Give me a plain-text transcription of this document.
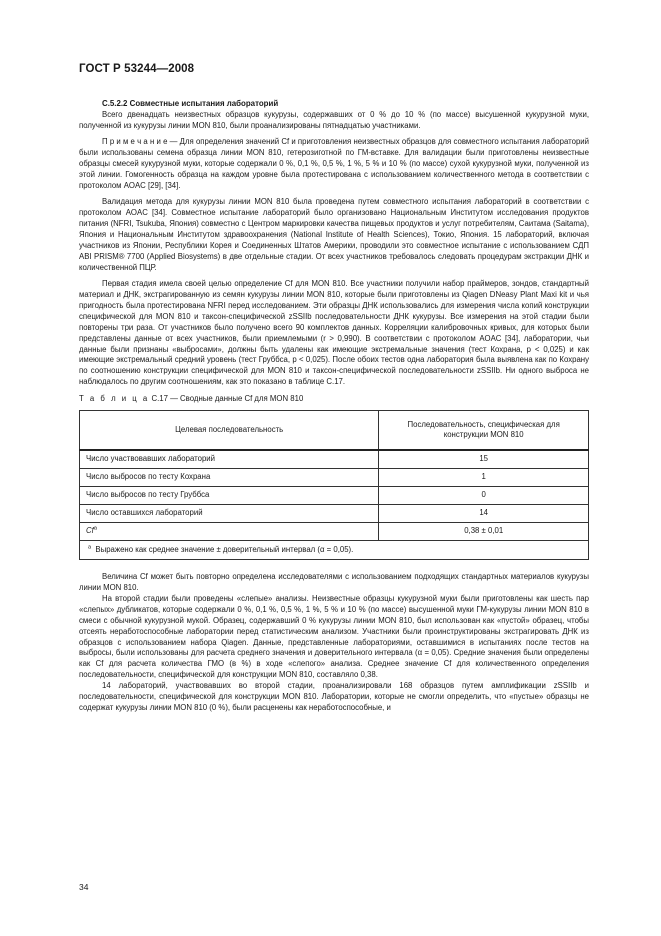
ГОСТ Р 53244—2008
С.5.2.2 Совместные испытания лабораторий

Всего двенадцать неизвестных образцов кукурузы, содержавших от 0 % до 10 % (по массе) высушенной кукурузной муки, полученной из кукурузы линии MON 810, были проанализированы пятнадцатью участниками.

П р и м е ч а н и е — Для определения значений Cf и приготовления неизвестных образцов для совместного испытания лабораторий были использованы семена образца линии MON 810, гетерозиготной по ГМ-вставке. Для валидации были приготовлены неизвестные образцы смесей кукурузной муки, которые содержали 0 %, 0,1 %, 0,5 %, 1 %, 5 % и 10 % (по массе) сухой кукурузной муки, полученной из этой линии. Гомогенность образца на каждом уровне была протестирована с использованием количественного метода в соответствии с протоколом AOAC [29], [34].

Валидация метода для кукурузы линии MON 810 была проведена путем совместного испытания лабораторий в соответствии с протоколом AOAC [34]. Совместное испытание лабораторий было организовано Национальным Институтом исследования продуктов питания (NFRI, Tsukuba, Япония) совместно с Центром маркировки качества пищевых продуктов и услуг потребителям, Саитама (Saitama), Япония и Национальным Институтом здравоохранения (National Institute of Health Sciences), Токио, Япония. 15 лабораторий, включая участников из Японии, Республики Корея и Соединенных Штатов Америки, проводили это совместное испытание с использованием СДП ABI PRISM® 7700 (Applied Biosystems) в две отдельные стадии. От всех участников требовалось следовать процедурам экстракции ДНК и количественной ПЦР.

Первая стадия имела своей целью определение Cf для MON 810. Все участники получили набор праймеров, зондов, стандартный материал и ДНК, экстрагированную из семян кукурузы линии MON 810, которые были приготовлены из Qiagen DNeasy Plant Maxi kit и чья пригодность была протестирована NFRI перед исследованием. Эти образцы ДНК использовались для измерения числа копий конструкции специфической для MON 810 и таксон-специфической zSSIIb последовательности ДНК кукурузы. Все измерения на этой стадии были повторены три раза. От участников было получено всего 90 комплектов данных. Корреляции калибровочных кривых, для которых были представлены данные от всех участников, были приемлемыми (r > 0,990). В соответствии с протоколом AOAC [34], лаборатории, чьи данные были признаны «выбросами», должны быть удалены как имеющие экстремальные значения (тест Кохрана, p < 0,025) и как имеющие экстремальный средний уровень (тест Груббса, p < 0,025). После обоих тестов одна лаборатория была выявлена как по Кохрану по соотношению конструкции специфической для MON 810 и таксон-специфической последовательности zSSIIb. Ни одного выброса не наблюдалось по другим соотношениям, как это показано в таблице С.17.

Т а б л и ц а С.17 — Сводные данные Cf для MON 810
Целевая последовательность	Последовательность, специфическая для конструкции MON 810
Число участвовавших лабораторий	15
Число выбросов по тесту Кохрана	1
Число выбросов по тесту Груббса	0
Число оставшихся лабораторий	14
Cf$^a$	0,38 ± 0,01
$^a$ Выражено как среднее значение ± доверительный интервал (α = 0,05).	

Величина Cf может быть повторно определена исследователями с использованием подходящих стандартных материалов кукурузы линии MON 810.

На второй стадии были проведены «слепые» анализы. Неизвестные образцы кукурузной муки были приготовлены как шесть пар «слепых» дубликатов, которые содержали 0 %, 0,1 %, 0,5 %, 1 %, 5 % и 10 % (по массе) высушенной муки ГМ-кукурузы линии MON 810 в смеси с обычной кукурузной мукой. Образец, содержавший 0 % кукурузы линии MON 810, был использован как «пустой» образец, чтобы отсеять неработоспособные лаборатории перед статистическим анализом. Участники были проинструктированы экстрагировать ДНК из образцов с использованием набора Qiagen. Данные, представленные лабораториями, оставшимися в испытаниях после тестов на выбросы, были использованы для расчета среднего значения и доверительного интервала (α = 0,05). Средние значения были определены как Cf для расчета количества ГМО (в %) в ходе «слепого» анализа. Среднее значение Cf для количественного определения последовательности, специфической для конструкции MON 810, составляло 0,38.

14 лабораторий, участвовавших во второй стадии, проанализировали 168 образцов путем амплификации zSSIIb и последовательности, специфической для конструкции MON 810. Лаборатории, которые не смогли определить, что «пустые» образцы не содержат кукурузы линии MON 810 (0 %), были расценены как неработоспособные, и

34
